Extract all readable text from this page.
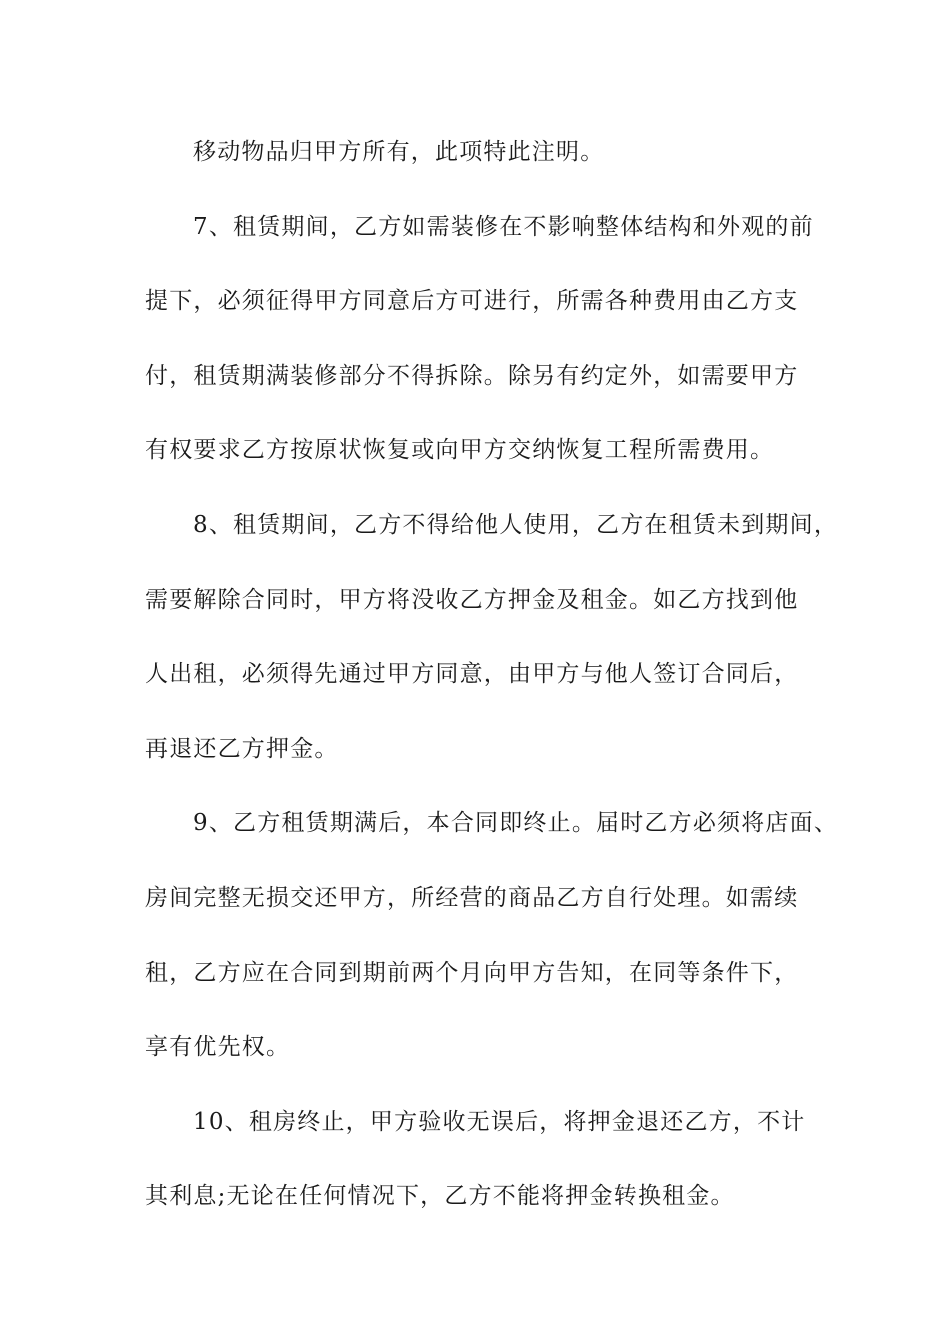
移动物品归甲方所有，此项特此注明。
7、租赁期间，乙方如需装修在不影响整体结构和外观的前
提下，必须征得甲方同意后方可进行，所需各种费用由乙方支
付，租赁期满装修部分不得拆除。除另有约定外，如需要甲方
有权要求乙方按原状恢复或向甲方交纳恢复工程所需费用。
8、租赁期间，乙方不得给他人使用，乙方在租赁未到期间，
需要解除合同时，甲方将没收乙方押金及租金。如乙方找到他
人出租，必须得先通过甲方同意，由甲方与他人签订合同后，
再退还乙方押金。
9、乙方租赁期满后，本合同即终止。届时乙方必须将店面、
房间完整无损交还甲方，所经营的商品乙方自行处理。如需续
租，乙方应在合同到期前两个月向甲方告知，在同等条件下，
享有优先权。
10、租房终止，甲方验收无误后，将押金退还乙方，不计
其利息;无论在任何情况下，乙方不能将押金转换租金。
